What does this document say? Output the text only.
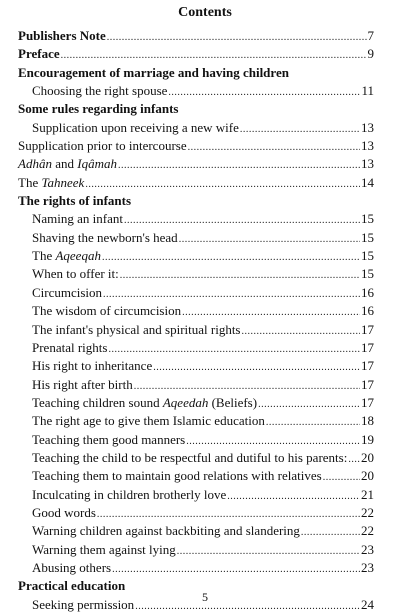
Contents
Publishers Note .....	7
Preface .....	9
Encouragement of marriage and having children
Choosing the right spouse .....	11
Some rules regarding infants
Supplication upon receiving a new wife .....	13
Supplication prior to intercourse .....	13
Adhân and Iqâmah .....	13
The Tahneek .....	14
The rights of infants
Naming an infant .....	15
Shaving the newborn's head .....	15
The Aqeeqah .....	15
When to offer it: .....	15
Circumcision .....	16
The wisdom of circumcision .....	16
The infant's physical and spiritual rights .....	17
Prenatal rights .....	17
His right to inheritance .....	17
His right after birth .....	17
Teaching children sound Aqeedah (Beliefs) .....	17
The right age to give them Islamic education .....	18
Teaching them good manners .....	19
Teaching the child to be respectful and dutiful to his parents: ..... 20
Teaching them to maintain good relations with relatives .....	20
Inculcating in children brotherly love .....	21
Good words .....	22
Warning children against backbiting and slandering .....	22
Warning them against lying .....	23
Abusing others .....	23
Practical education
Seeking permission .....	24
5
